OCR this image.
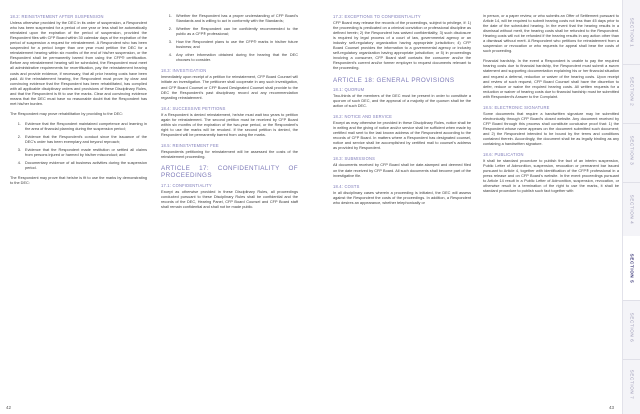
18.2: REINSTATEMENT AFTER SUSPENSION

Unless otherwise provided by the DEC in its order of suspension, a Respondent who has been suspended for a period of one year or less shall be automatically reinstated upon the expiration of the period of suspension, provided the Respondent files with CFP Board within 30 calendar days of the expiration of the period of suspension a request for reinstatement. A Respondent who has been suspended for a period longer than one year must petition the DEC for a reinstatement hearing within six months of the end of his/her suspension, or the Respondent shall be permanently barred from using the CFP® certification. Before any reinstatement hearing will be scheduled, the Respondent must meet all administrative requirements for recertification, pay the reinstatement hearing costs and provide evidence, if necessary, that all prior hearing costs have been paid. At the reinstatement hearing, the Respondent must prove by clear and convincing evidence that the Respondent has been rehabilitated, has complied with all applicable disciplinary orders and provisions of these Disciplinary Rules, and that the Respondent is fit to use the marks. Clear and convincing evidence means that the DEC must have no reasonable doubt that the Respondent has met his/her burden.

The Respondent may prove rehabilitation by providing to the DEC:

1. Evidence that the Respondent maintained competence and learning in the area of financial planning during the suspension period;
2. Evidence that the Respondent's conduct since the issuance of the DEC's order has been exemplary and beyond reproach;
3. Evidence that the Respondent made restitution or settled all claims from persons injured or harmed by his/her misconduct; and
4. Documentary evidence of all business activities during the suspension period.

The Respondent may prove that he/she is fit to use the marks by demonstrating to the DEC:

1. Whether the Respondent has a proper understanding of CFP Board's Standards and is willing to act in conformity with the Standards;
2. Whether the Respondent can be confidently recommended to the public as a CFP® professional;
3. How the Respondent plans to use the CFP® marks in his/her future business; and
4. Any other information obtained during the hearing that the DEC chooses to consider.
18.3: INVESTIGATION

Immediately upon receipt of a petition for reinstatement, CFP Board Counsel will initiate an investigation. The petitioner shall cooperate in any such investigation, and CFP Board Counsel or CFP Board Designated Counsel shall provide to the DEC the Respondent's past disciplinary record and any recommendation regarding reinstatement.

18.4: SUCCESSIVE PETITIONS

If a Respondent is denied reinstatement, he/she must wait two years to petition again for reinstatement. The second petition must be received by CFP Board within six months of the expiration of the two-year period, or the Respondent's right to use the marks will be revoked. If the second petition is denied, the Respondent will be permanently barred from using the marks.

18.5: REINSTATEMENT FEE

Respondents petitioning for reinstatement will be assessed the costs of the reinstatement proceeding.

ARTICLE 17: CONFIDENTIALITY OF PROCEEDINGS
17.1: CONFIDENTIALITY

Except as otherwise provided in these Disciplinary Rules, all proceedings conducted pursuant to these Disciplinary Rules shall be confidential and the records of the DEC, Hearing Panel, CFP Board Counsel and CFP Board staff shall remain confidential and shall not be made public.

42
17.2: EXCEPTIONS TO CONFIDENTIALITY

CFP Board may release the records of the proceedings, subject to privilege, if: 1) the proceeding is predicated on a criminal conviction or professional discipline as defined herein; 2) the Respondent has waived confidentiality; 3) such disclosure is required by legal process of a court of law, governmental agency or an industry self-regulatory organization having appropriate jurisdiction; 4) CFP Board Counsel provides the information to a governmental agency or industry self-regulatory organization having appropriate jurisdiction; or 5) in proceedings involving a consumer, CFP Board staff contacts the consumer and/or the Respondent's current and/or former employer to request documents relevant to the proceeding.

ARTICLE 18: GENERAL PROVISIONS
18.1: QUORUM

Two-thirds of the members of the DEC must be present in order to constitute a quorum of such DEC, and the approval of a majority of the quorum shall be the action of such DEC.

18.2: NOTICE AND SERVICE

Except as may otherwise be provided in these Disciplinary Rules, notice shall be in writing and the giving of notice and/or service shall be sufficient when made by certified mail sent to the last known address of the Respondent according to the records of CFP Board. In matters where a Respondent has designated counsel, notice and service shall be accomplished by certified mail to counsel's address as provided by Respondent.

18.3: SUBMISSIONS

All documents received by CFP Board shall be date-stamped and deemed filed on the date received by CFP Board. All such documents shall become part of the investigative file.

18.4: COSTS

In all disciplinary cases wherein a proceeding is initiated, the DEC will assess against the Respondent the costs of the proceedings. In addition, a Respondent who desires an appearance, whether telephonically or

in person, or a paper review, or who submits an Offer of Settlement pursuant to Article 14, will be required to submit hearing costs not less than 45 days prior to the date of the scheduled hearing. In the event that the hearing results in a dismissal without merit, the hearing costs shall be refunded to the Respondent. Hearing costs will not be refunded if the hearing results in any action other than a dismissal without merit. A Respondent who petitions for reinstatement from a suspension or revocation or who requests for appeal shall bear the costs of such proceeding.

Financial hardship. In the event a Respondent is unable to pay the required hearing costs due to financial hardship, the Respondent must submit a sworn statement and supporting documentation explaining his or her financial situation and request a deferral, reduction or waiver of the hearing costs. Upon receipt and review of such request, CFP Board Counsel shall have the discretion to defer, reduce or waive the required hearing costs. All written requests for a reduction or waiver of hearing costs due to financial hardship must be submitted with Respondent's Answer to the Complaint.

18.5: ELECTRONIC SIGNATURE

Some documents that require a handwritten signature may be submitted electronically through CFP Board's closed website. Any document received by CFP Board through this process shall constitute conclusive proof that: 1) the Respondent whose name appears on the document submitted such document; and 2) the Respondent intended to be bound by the terms and conditions contained therein. Accordingly, the document shall be as legally binding as any containing a handwritten signature.

18.6: PUBLICATION

It shall be standard procedure to publish the fact of an interim suspension, Public Letter of Admonition, suspension, revocation or permanent bar issued pursuant to Article 4, together with identification of the CFP® professional in a press release and on CFP Board's website. In the event proceedings pursuant to Article 14 result in a Public Letter of Admonition, suspension, revocation, or otherwise result in a termination of the right to use the marks, it shall be standard procedure to publish such fact together with

43
SECTION 1
SECTION 2
SECTION 3
SECTION 4
SECTION 5
SECTION 6
SECTION 7
